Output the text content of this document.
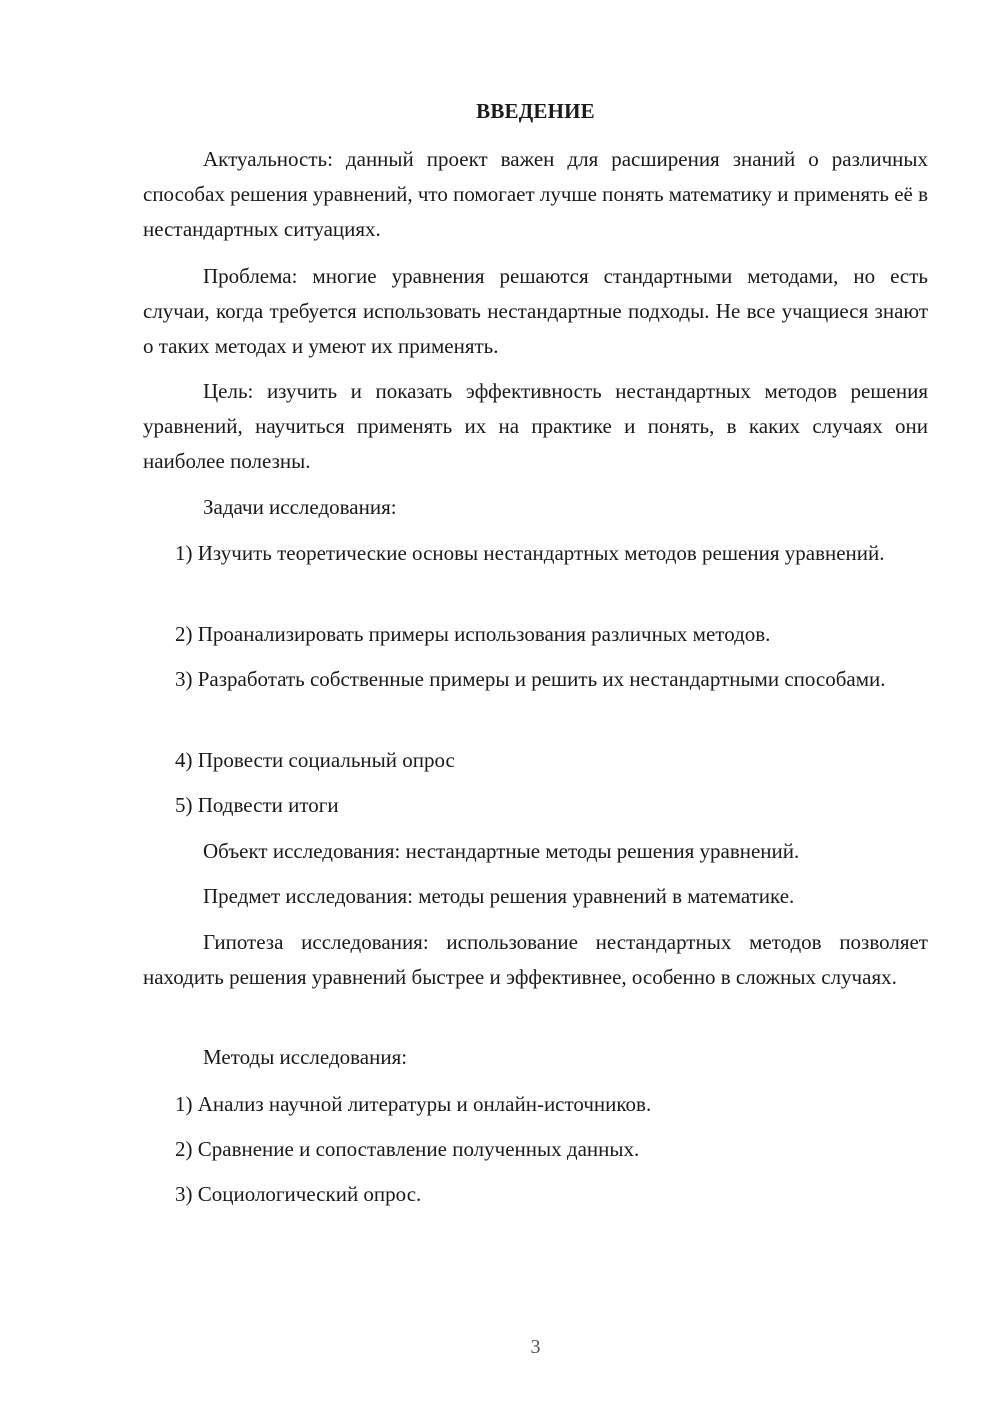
ВВЕДЕНИЕ

Актуальность: данный проект важен для расширения знаний о различных способах решения уравнений, что помогает лучше понять математику и применять её в нестандартных ситуациях.

Проблема: многие уравнения решаются стандартными методами, но есть случаи, когда требуется использовать нестандартные подходы. Не все учащиеся знают о таких методах и умеют их применять.

Цель: изучить и показать эффективность нестандартных методов решения уравнений, научиться применять их на практике и понять, в каких случаях они наиболее полезны.

Задачи исследования:

1) Изучить теоретические основы нестандартных методов решения уравнений.

2) Проанализировать примеры использования различных методов.

3) Разработать собственные примеры и решить их нестандартными способами.

4) Провести социальный опрос

5) Подвести итоги

Объект исследования: нестандартные методы решения уравнений.

Предмет исследования: методы решения уравнений в математике.

Гипотеза исследования: использование нестандартных методов позволяет находить решения уравнений быстрее и эффективнее, особенно в сложных случаях.

Методы исследования:

1) Анализ научной литературы и онлайн-источников.

2) Сравнение и сопоставление полученных данных.

3) Социологический опрос.

3
